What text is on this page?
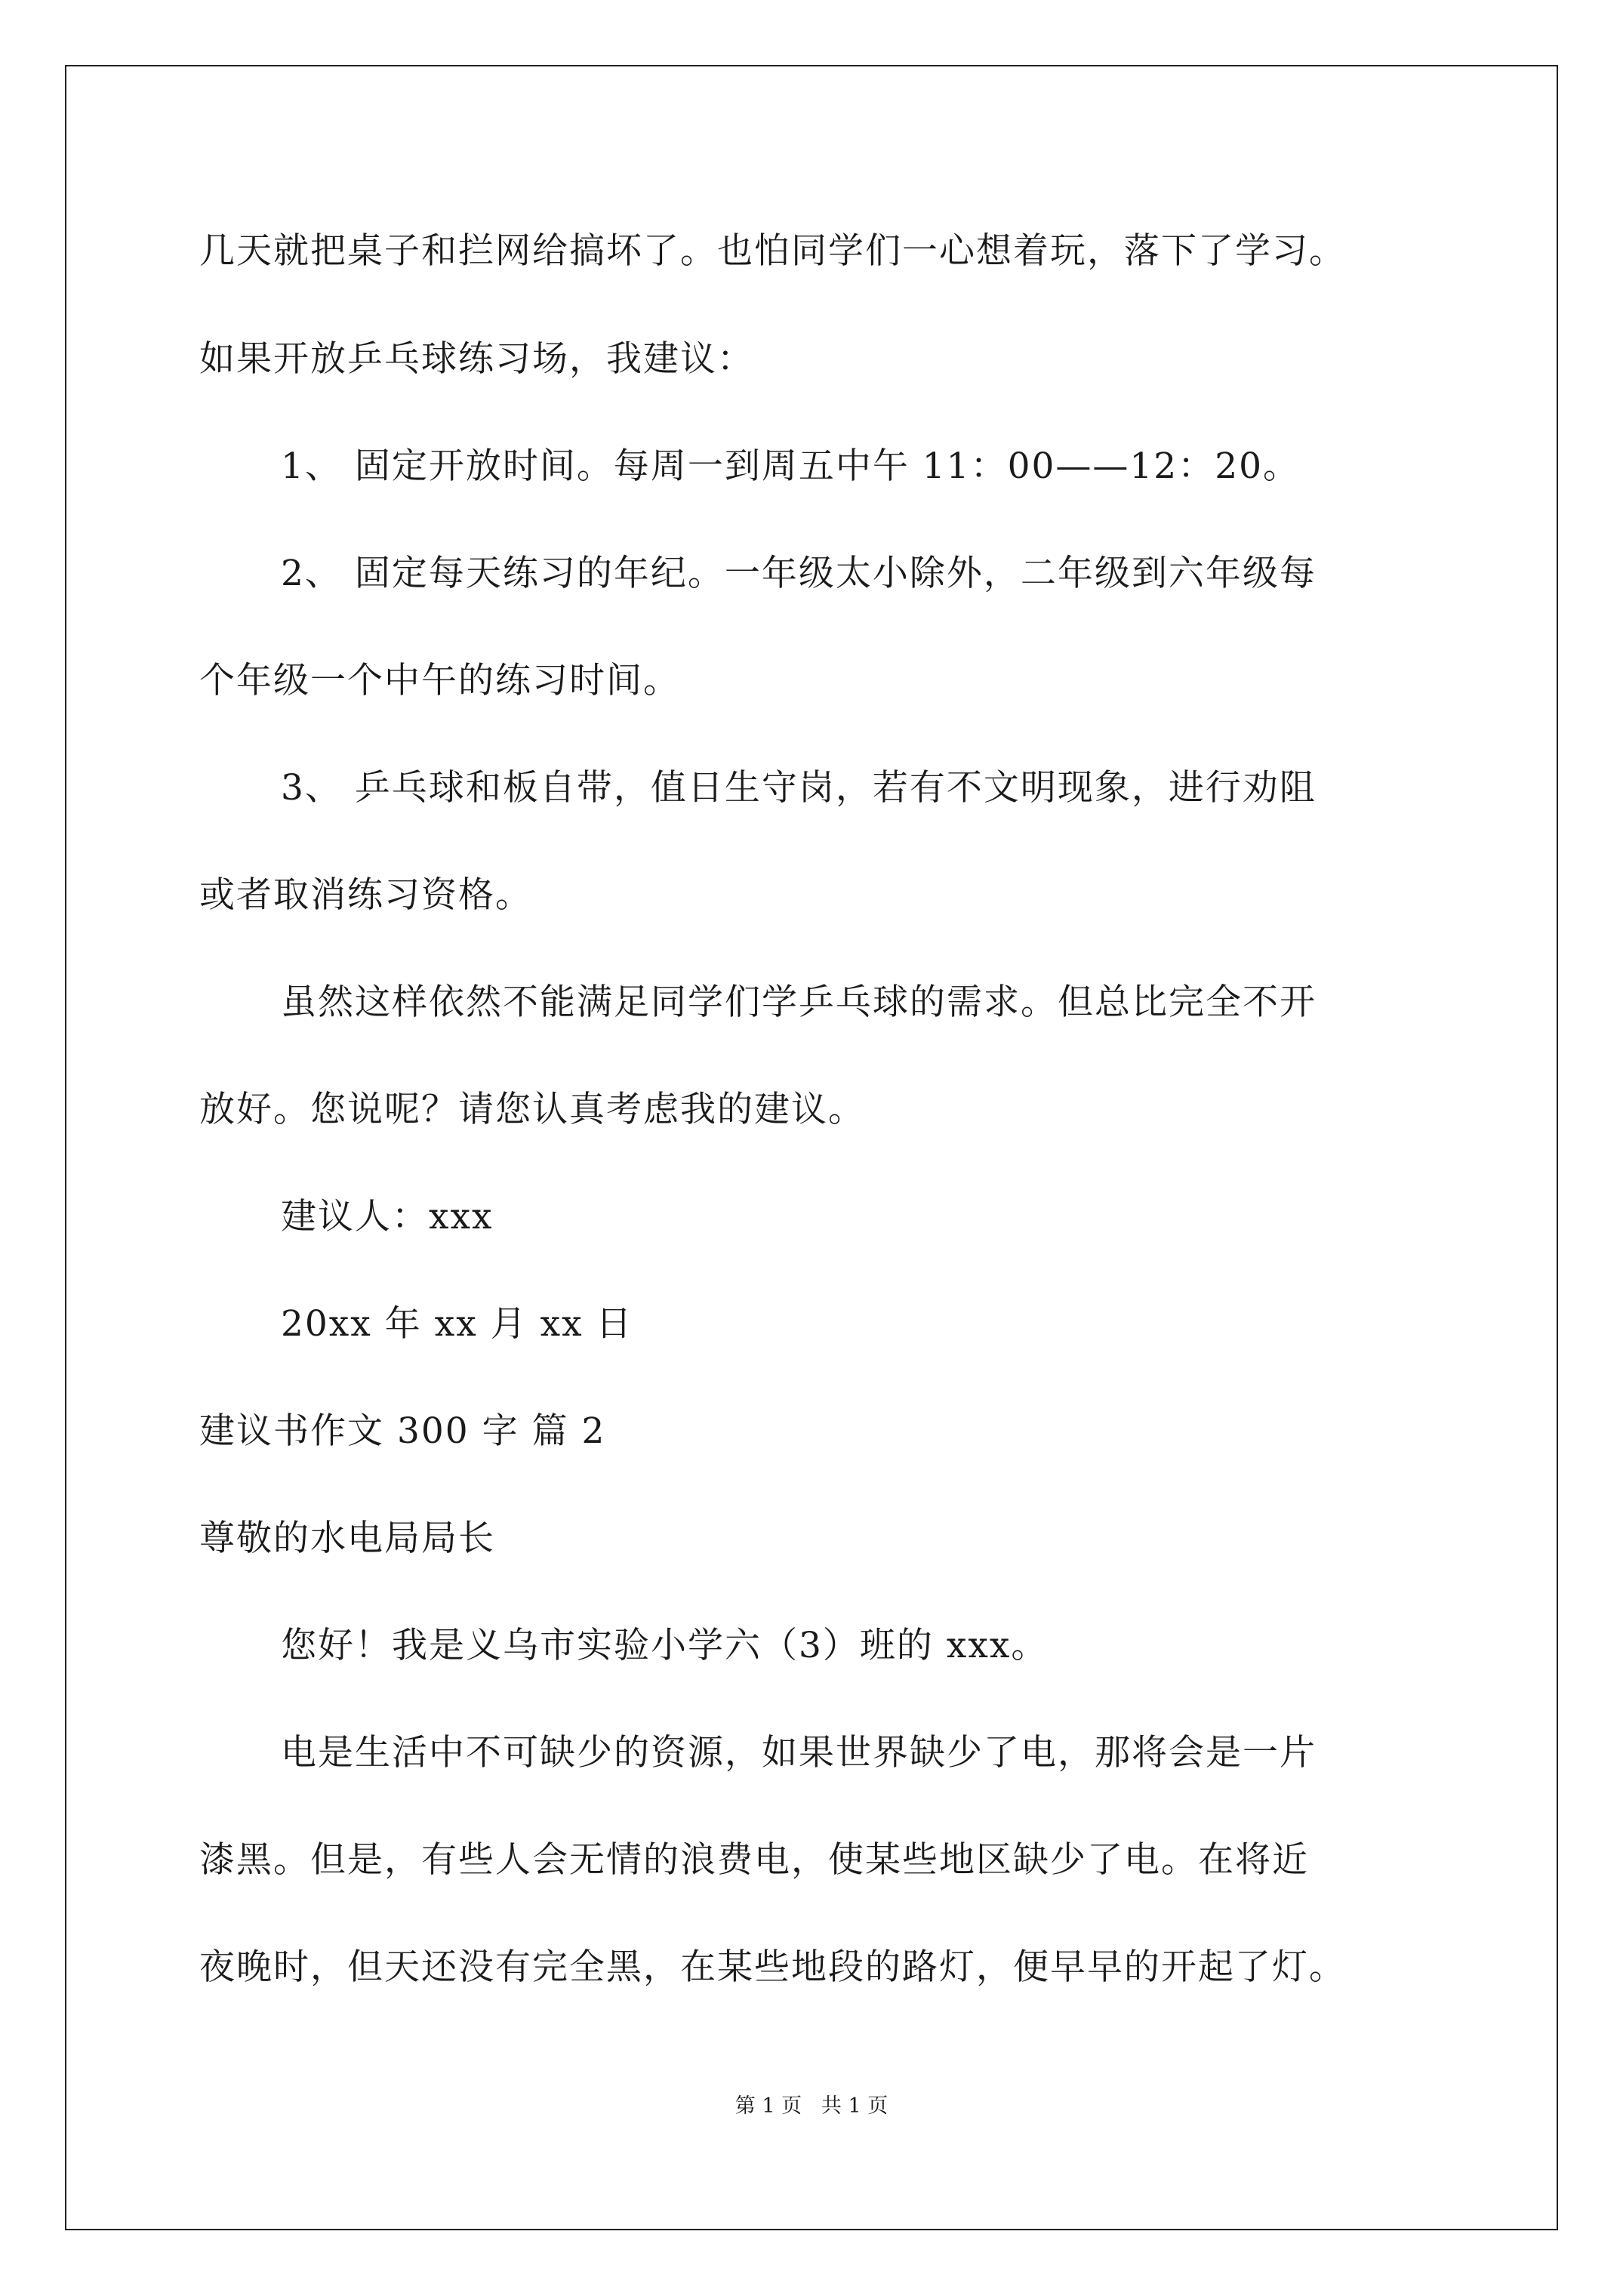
几天就把桌子和拦网给搞坏了。也怕同学们一心想着玩，落下了学习。
如果开放乒乓球练习场，我建议：
1、 固定开放时间。每周一到周五中午 11：00——12：20。
2、 固定每天练习的年纪。一年级太小除外，二年级到六年级每
个年级一个中午的练习时间。
3、 乒乓球和板自带，值日生守岗，若有不文明现象，进行劝阻
或者取消练习资格。
虽然这样依然不能满足同学们学乒乓球的需求。但总比完全不开
放好。您说呢？请您认真考虑我的建议。
建议人：xxx
20xx 年 xx 月 xx 日
建议书作文 300 字 篇 2
尊敬的水电局局长
您好！我是义乌市实验小学六（3）班的 xxx。
电是生活中不可缺少的资源，如果世界缺少了电，那将会是一片
漆黑。但是，有些人会无情的浪费电，使某些地区缺少了电。在将近
夜晚时，但天还没有完全黑，在某些地段的路灯，便早早的开起了灯。
第 1 页   共 1 页
